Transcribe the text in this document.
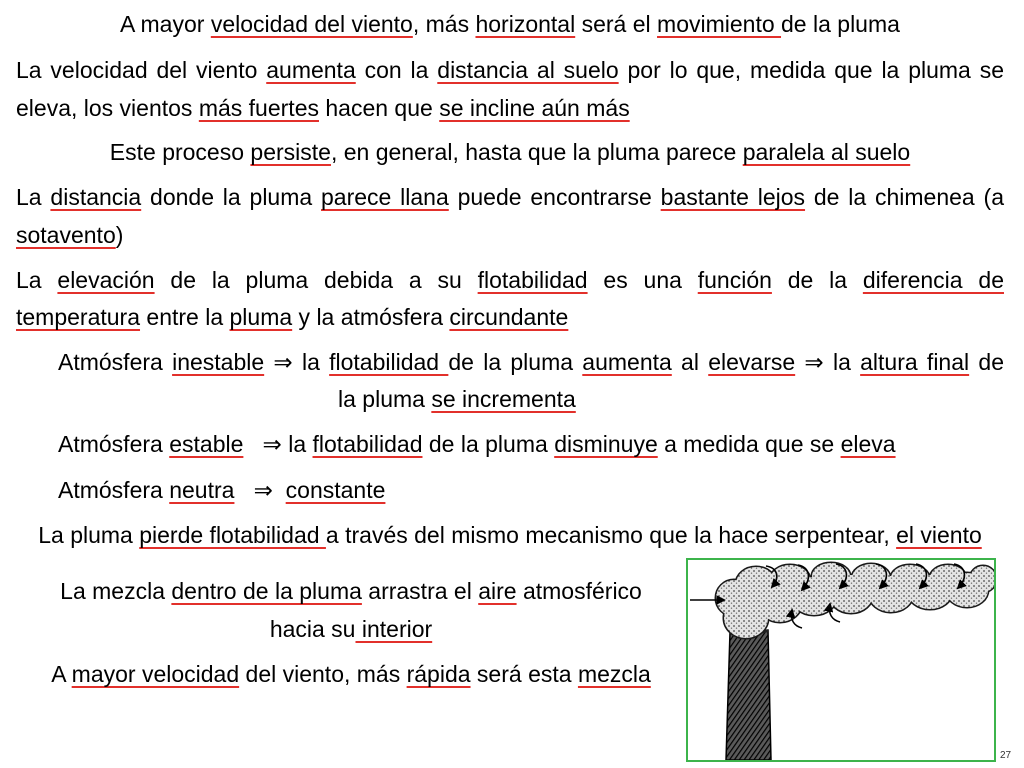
A mayor velocidad del viento, más horizontal será el movimiento de la pluma
La velocidad del viento aumenta con la distancia al suelo por lo que, medida que la pluma se
eleva, los vientos más fuertes hacen que se incline aún más
Este proceso persiste, en general, hasta que la pluma parece paralela al suelo
La distancia donde la pluma parece llana puede encontrarse bastante lejos de la chimenea (a
sotavento)
La elevación de la pluma debida a su flotabilidad es una función de la diferencia de
temperatura entre la pluma y la atmósfera circundante
Atmósfera inestable ⇒ la flotabilidad de la pluma aumenta al elevarse ⇒ la altura final de
la pluma se incrementa
Atmósfera estable   ⇒ la flotabilidad de la pluma disminuye a medida que se eleva
Atmósfera neutra   ⇒  constante
La pluma pierde flotabilidad a través del mismo mecanismo que la hace serpentear, el viento
La mezcla dentro de la pluma arrastra el aire atmosférico
hacia su interior
A mayor velocidad del viento, más rápida será esta mezcla
27
